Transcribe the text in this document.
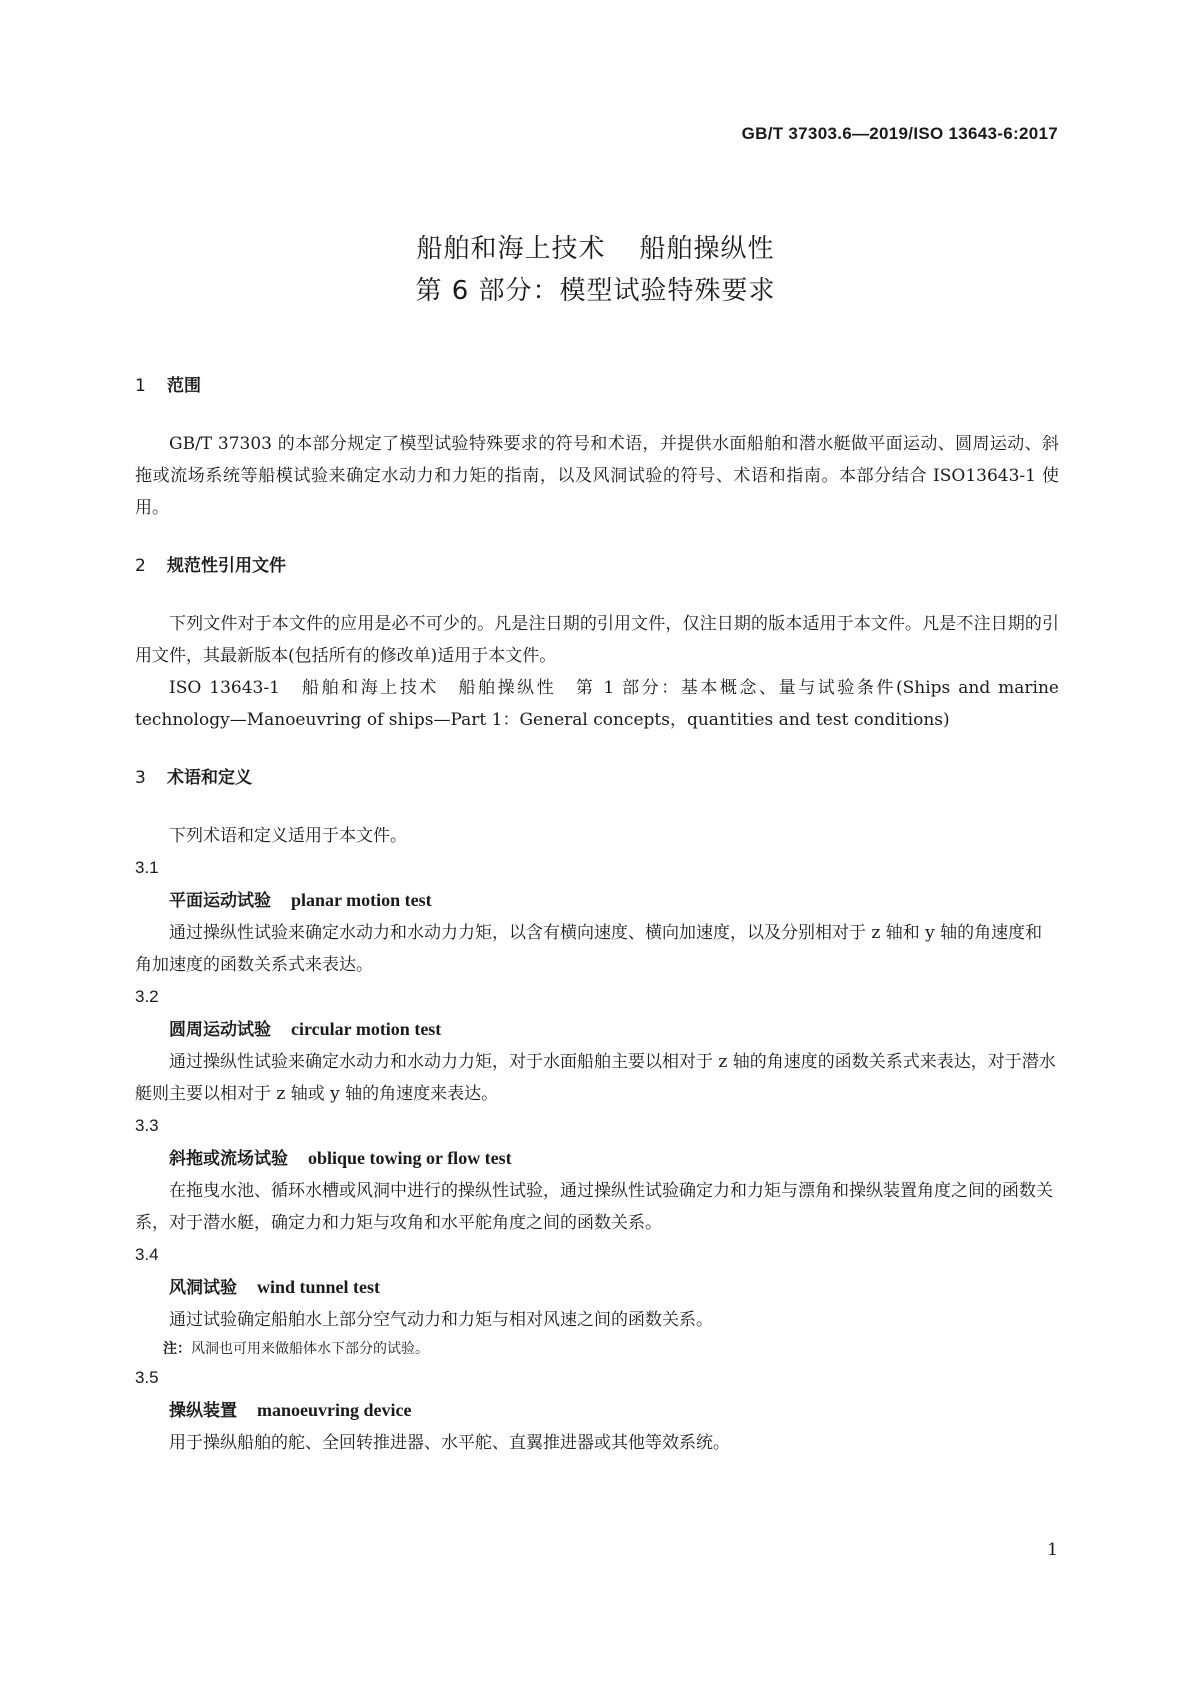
GB/T 37303.6—2019/ISO 13643-6:2017
船舶和海上技术 船舶操纵性
第 6 部分：模型试验特殊要求

1 范围

GB/T 37303 的本部分规定了模型试验特殊要求的符号和术语，并提供水面船舶和潜水艇做平面运动、圆周运动、斜拖或流场系统等船模试验来确定水动力和力矩的指南，以及风洞试验的符号、术语和指南。本部分结合 ISO13643-1 使用。

2 规范性引用文件

下列文件对于本文件的应用是必不可少的。凡是注日期的引用文件，仅注日期的版本适用于本文件。凡是不注日期的引用文件，其最新版本(包括所有的修改单)适用于本文件。

ISO 13643-1　船舶和海上技术　船舶操纵性　第 1 部分：基本概念、量与试验条件(Ships and marine technology—Manoeuvring of ships—Part 1：General concepts，quantities and test conditions)

3 术语和定义

下列术语和定义适用于本文件。

3.1

平面运动试验 planar motion test

通过操纵性试验来确定水动力和水动力力矩，以含有横向速度、横向加速度，以及分别相对于 z 轴和 y 轴的角速度和角加速度的函数关系式来表达。

3.2

圆周运动试验 circular motion test

通过操纵性试验来确定水动力和水动力力矩，对于水面船舶主要以相对于 z 轴的角速度的函数关系式来表达，对于潜水艇则主要以相对于 z 轴或 y 轴的角速度来表达。

3.3

斜拖或流场试验 oblique towing or flow test

在拖曳水池、循环水槽或风洞中进行的操纵性试验，通过操纵性试验确定力和力矩与漂角和操纵装置角度之间的函数关系，对于潜水艇，确定力和力矩与攻角和水平舵角度之间的函数关系。

3.4

风洞试验 wind tunnel test

通过试验确定船舶水上部分空气动力和力矩与相对风速之间的函数关系。

注：风洞也可用来做船体水下部分的试验。

3.5

操纵装置 manoeuvring device

用于操纵船舶的舵、全回转推进器、水平舵、直翼推进器或其他等效系统。

1
